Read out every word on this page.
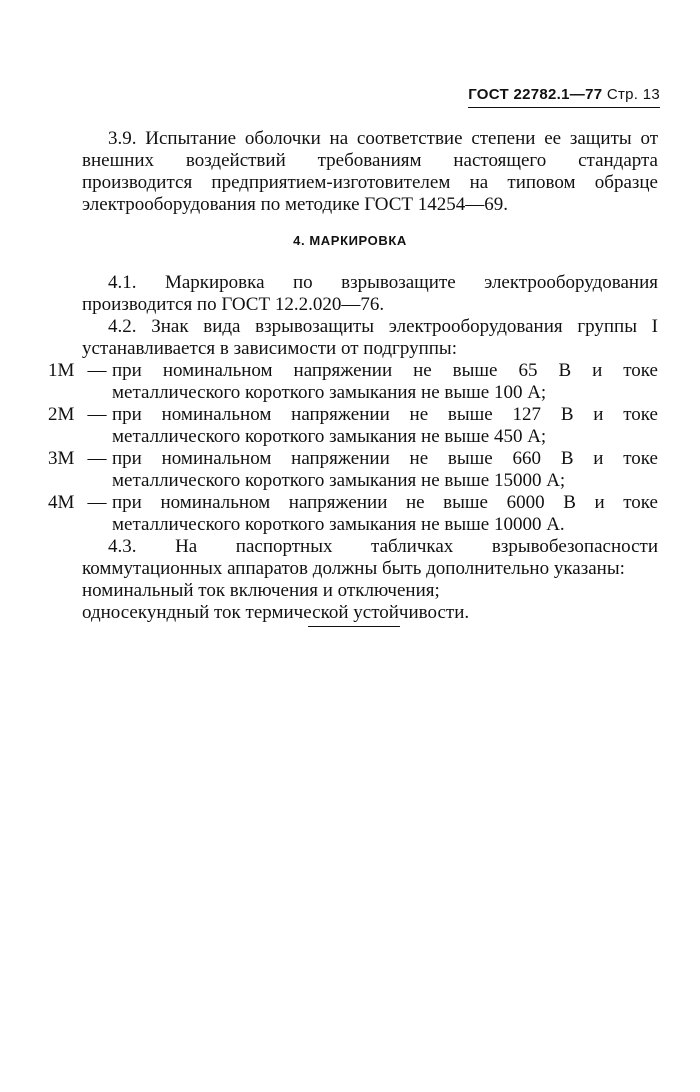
ГОСТ 22782.1—77 Стр. 13

3.9. Испытание оболочки на соответствие степени ее защиты от внешних воздействий требованиям настоящего стандарта производится предприятием-изготовителем на типовом образце электрооборудования по методике ГОСТ 14254—69.

4. МАРКИРОВКА

4.1. Маркировка по взрывозащите электрооборудования производится по ГОСТ 12.2.020—76.

4.2. Знак вида взрывозащиты электрооборудования группы I устанавливается в зависимости от подгруппы:

1М — при номинальном напряжении не выше 65 В и токе металлического короткого замыкания не выше 100 А;
2М — при номинальном напряжении не выше 127 В и токе металлического короткого замыкания не выше 450 А;
3М — при номинальном напряжении не выше 660 В и токе металлического короткого замыкания не выше 15000 А;
4М — при номинальном напряжении не выше 6000 В и токе металлического короткого замыкания не выше 10000 А.

4.3. На паспортных табличках взрывобезопасности коммутационных аппаратов должны быть дополнительно указаны:

номинальный ток включения и отключения;

односекундный ток термической устойчивости.
